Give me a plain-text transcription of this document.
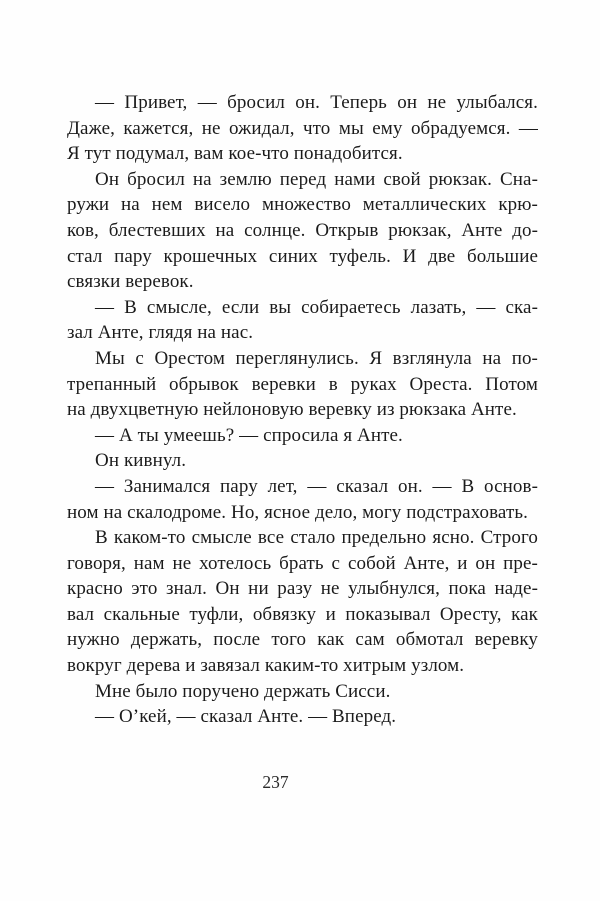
— Привет, — бросил он. Теперь он не улыбался.
Даже, кажется, не ожидал, что мы ему обрадуемся. —
Я тут подумал, вам кое-что понадобится.
Он бросил на землю перед нами свой рюкзак. Сна-
ружи на нем висело множество металлических крю-
ков, блестевших на солнце. Открыв рюкзак, Анте до-
стал пару крошечных синих туфель. И две большие
связки веревок.
— В смысле, если вы собираетесь лазать, — ска-
зал Анте, глядя на нас.
Мы с Орестом переглянулись. Я взглянула на по-
трепанный обрывок веревки в руках Ореста. Потом
на двухцветную нейлоновую веревку из рюкзака Анте.
— А ты умеешь? — спросила я Анте.
Он кивнул.
— Занимался пару лет, — сказал он. — В основ-
ном на скалодроме. Но, ясное дело, могу подстраховать.
В каком-то смысле все стало предельно ясно. Строго
говоря, нам не хотелось брать с собой Анте, и он пре-
красно это знал. Он ни разу не улыбнулся, пока наде-
вал скальные туфли, обвязку и показывал Оресту, как
нужно держать, после того как сам обмотал веревку
вокруг дерева и завязал каким-то хитрым узлом.
Мне было поручено держать Сисси.
— О’кей, — сказал Анте. — Вперед.
237
